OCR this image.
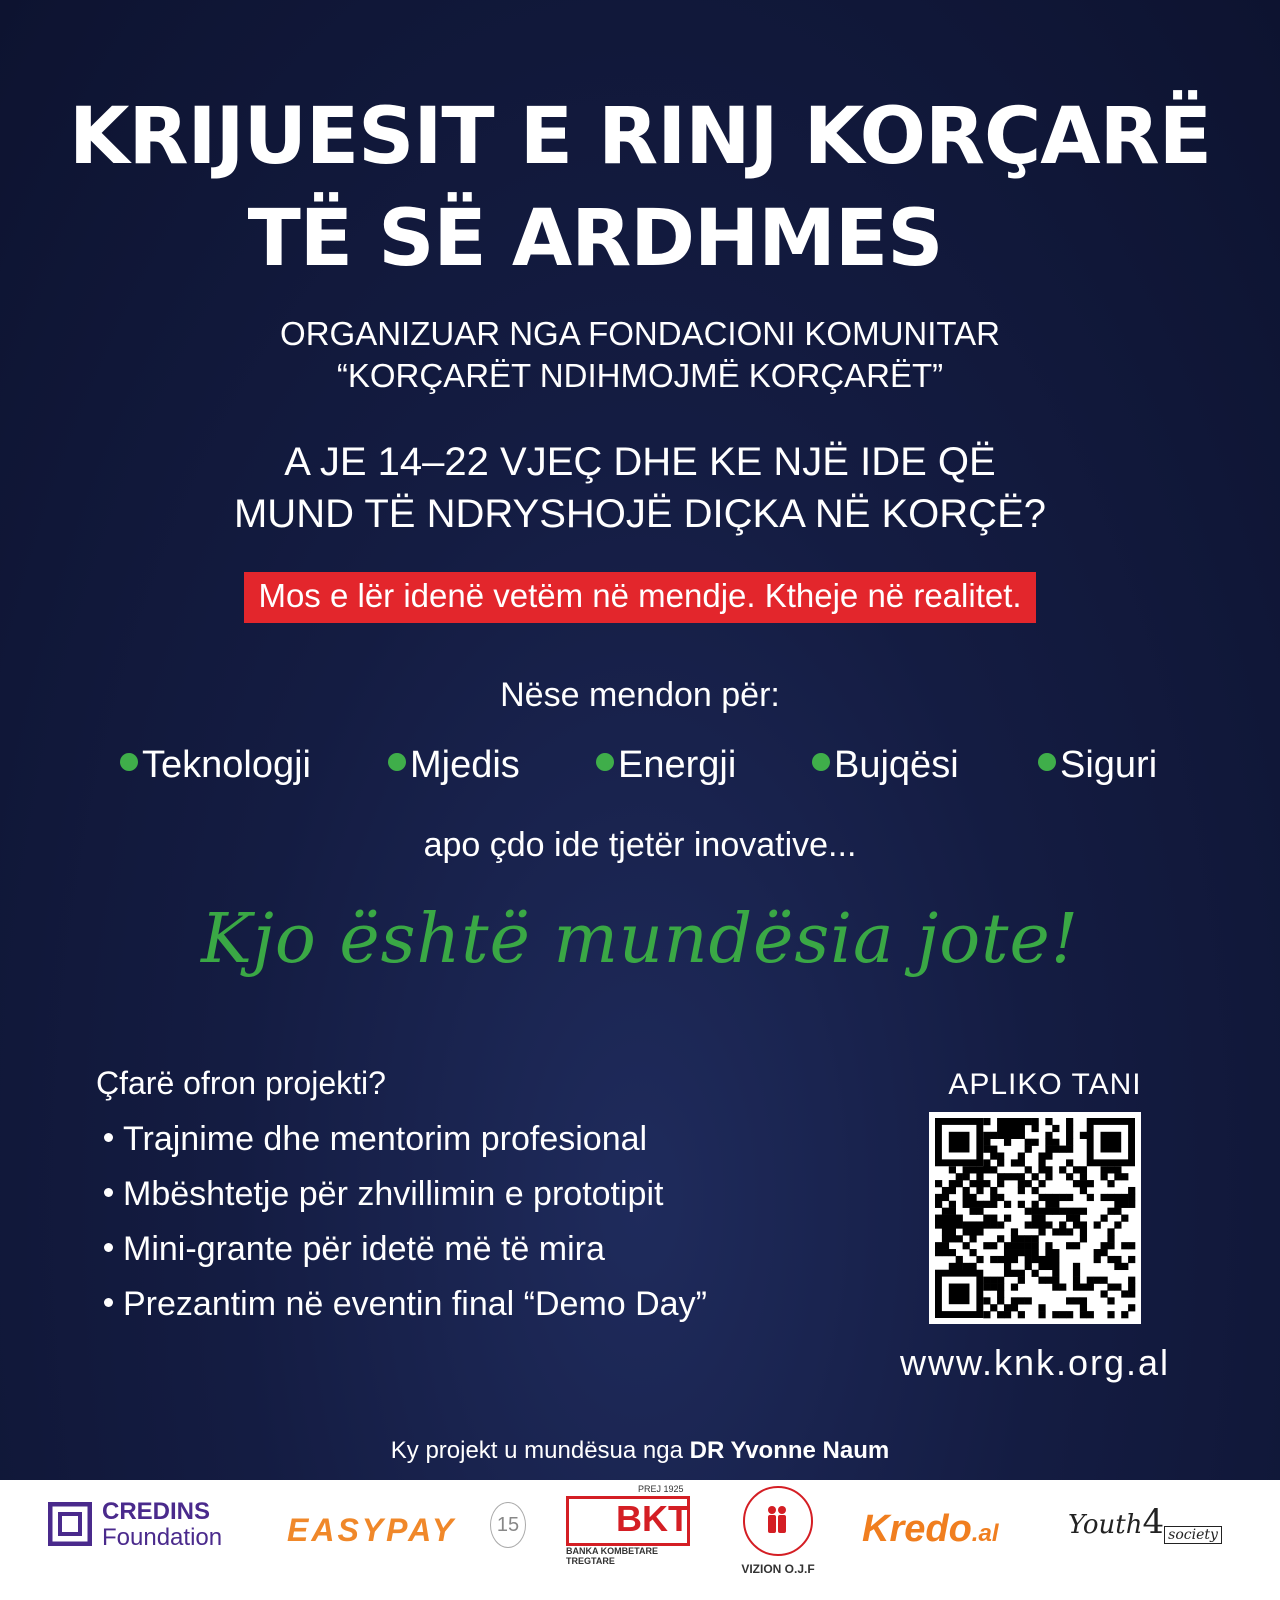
KRIJUESIT E RINJ KORÇARË
TË SË ARDHMES
ORGANIZUAR NGA FONDACIONI KOMUNITAR
“KORÇARËT NDIHMOJMË KORÇARËT”
A JE 14–22 VJEÇ DHE KE NJË IDE QË
MUND TË NDRYSHOJË DIÇKA NË KORÇË?
Mos e lër idenë vetëm në mendje. Ktheje në realitet.
Nëse mendon për:
Teknologji	Mjedis	Energji	Bujqësi	Siguri
apo çdo ide tjetër inovative...
Kjo është mundësia jote!
Çfarë ofron projekti?
Trajnime dhe mentorim profesional
Mbështetje për zhvillimin e prototipit
Mini-grante për idetë më të mira
Prezantim në eventin final “Demo Day”
APLIKO TANI
www.knk.org.al
Ky projekt u mundësua nga DR Yvonne Naum
CREDINS
Foundation EASYPAY	15
PREJ 1925
BKT
BANKA KOMBETARE TREGTARE
VIZION O.J.F
Kredo.al	Youth4 $_{society}$
